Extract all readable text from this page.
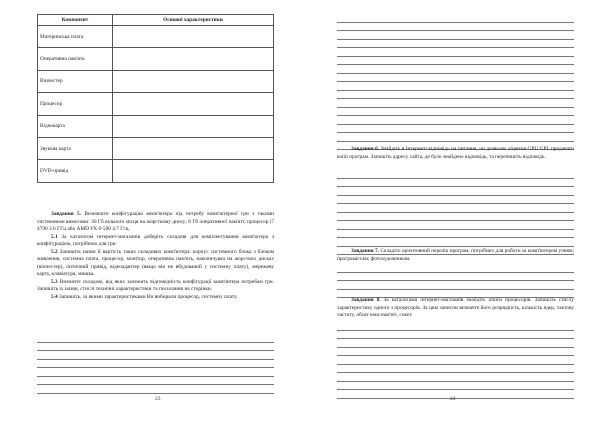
Компонент	Основні характеристики
Материнська плата	
Оперативна пам'ять	
Вінчестер	
Процесор	
Відеокарта	
Звукова карта	
DVD-привід	

Завдання 5. Визначити конфігурацію комп'ютера під потребу комп'ютерної гри з такими системними вимогами: 30 Гб вільного місця на жорсткому диску; 8 Гб оперативної пам'яті; процесор i7 4790 3.6 ГГц або AMD FX-9 590 4.7 Ггц.

5.1 За каталогом інтернет-магазинів доберіть складові для комплектування комп'ютера з конфігурацією, потрібною для гри.

5.2 Запишіть назви й вартість таких складових комп'ютера: корпус системного блока з блоком живлення, системна плата, процесор, монітор, оперативна пам'ять, накопичувач на жорстких дисках (вінчестер), оптичний привід, відеоадаптер (якщо він не вбудований у системну плату), мережеву карту, клавіатура, мишка.

5.3 Визначте складові, від яких залежить відповідність конфігурації комп'ютера потребам гри. Запишіть їх назви, стислі технічні характеристики та посилання на сторінки.

5.4 Запишіть, за якими характеристиками Ви вибирали процесор, системну плату.

23

Завдання 6. Знайдіть в Інтернеті відповідь на питання, чи дозволяє ліцензія GPU GPL продавати копії програм. Запишіть адресу сайта, де було знайдено відповідь, та перепишіть відповідь.

Завдання 7. Складіть орієнтовний перелік програм, потрібних для роботи за комп'ютером учням; програмістам; фотохудожникам.

Завдання 8. За каталогами інтернет-магазинів знайдіть описи процесорів. Запишіть стислу характеристику одного з процесорів. За цим записом визначте його розрядність, кількість ядер, тактову частоту, обсяг кеш-пам'яті, сокет.

24
